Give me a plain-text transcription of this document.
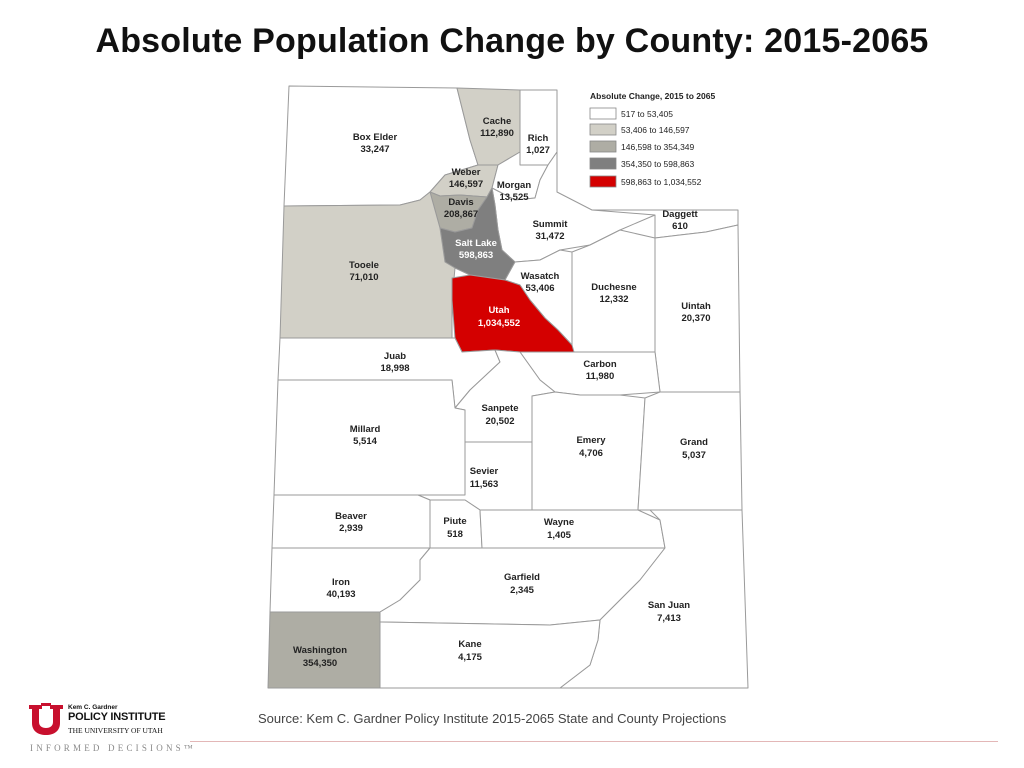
Absolute Population Change by County: 2015-2065
Box Elder
33,247
Cache
112,890 Rich
1,027
Weber
146,597 Morgan
13,525
Davis
208,867
Summit
31,472
Daggett
610
Salt Lake
598,863
Tooele
71,010	Wasatch
53,406	Duchesne
12,332
Uintah
20,370
Utah
1,034,552
Juab
18,998	Carbon
11,980
Sanpete
20,502
Millard
5,514	Emery
4,706
Grand
5,037
Sevier
11,563
Beaver
2,939
Piute
518
Wayne
1,405
Iron
40,193
Garfield
2,345
San Juan
7,413
Washington
354,350
Kane
4,175
Absolute Change, 2015 to 2065
517 to 53,405
53,406 to 146,597
146,598 to 354,349
354,350 to 598,863
598,863 to 1,034,552
Source: Kem C. Gardner Policy Institute 2015-2065 State and County Projections
Kem C. Gardner
POLICY INSTITUTE
THE UNIVERSITY OF UTAH
INFORMED DECISIONS™
